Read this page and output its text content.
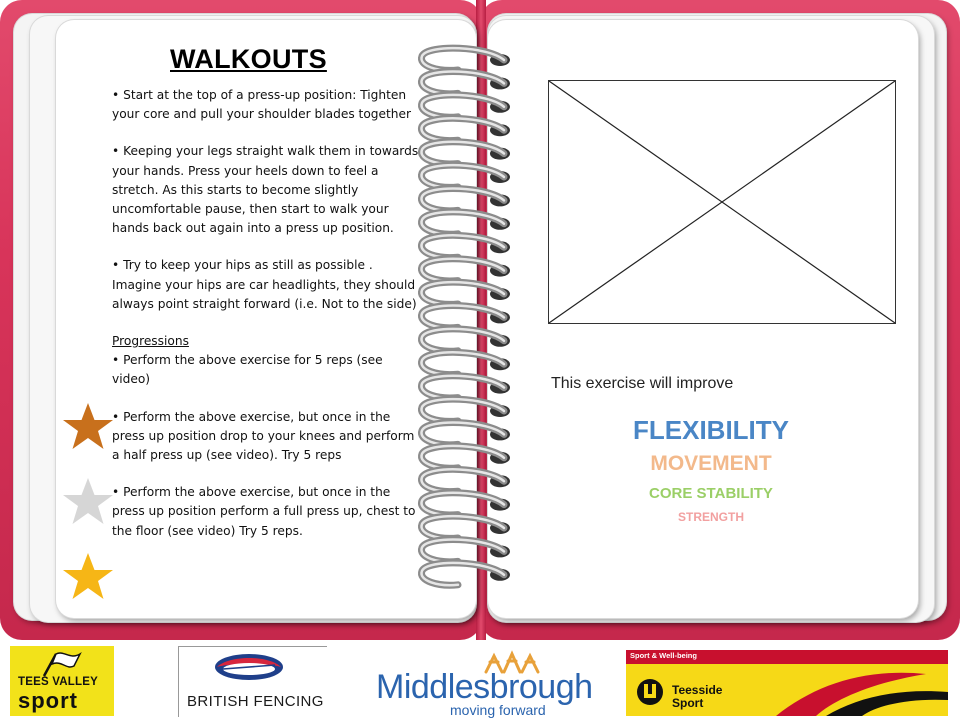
WALKOUTS

• Start at the top of a press-up position: Tighten your core and pull your shoulder blades together

• Keeping your legs straight walk them in towards your hands. Press your heels down to feel a stretch. As this starts to become slightly uncomfortable pause, then start to walk your hands back out again into a press up position.

• Try to keep your hips as still as possible . Imagine your hips are car headlights, they should always point straight forward (i.e. Not to the side)

Progressions

• Perform the above exercise for 5 reps (see video)

• Perform the above exercise, but once in the press up position drop to your knees and perform a half press up (see video). Try 5 reps

• Perform the above exercise, but once in the press up position perform a full press up, chest to the floor (see video) Try 5 reps.

This exercise will improve
FLEXIBILITY
MOVEMENT
CORE STABILITY
STRENGTH
TEES VALLEY
sport	BRITISH FENCING Middlesbrough
moving forward
Sport & Well-being
Teesside Sport
